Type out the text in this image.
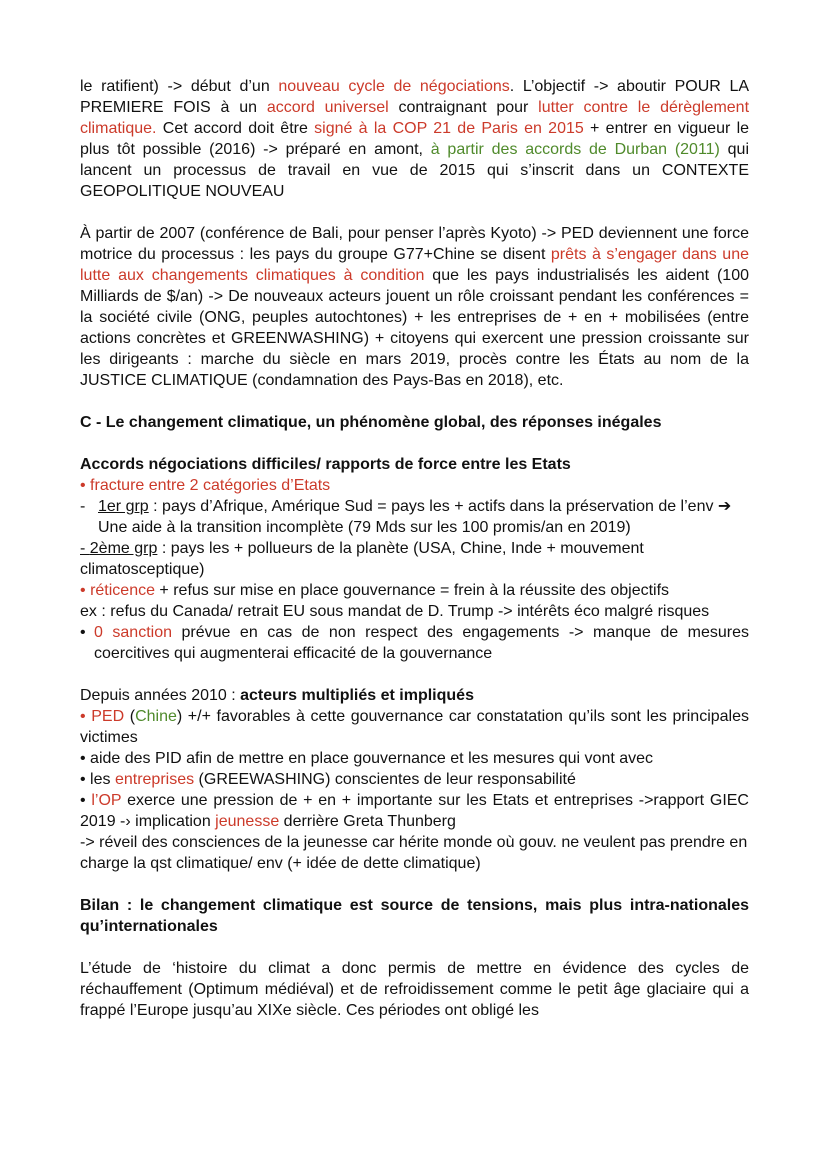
le ratifient) -> début d’un nouveau cycle de négociations. L’objectif -> aboutir POUR LA PREMIERE FOIS à un accord universel contraignant pour lutter contre le dérèglement climatique. Cet accord doit être signé à la COP 21 de Paris en 2015 + entrer en vigueur le plus tôt possible (2016) -> préparé en amont, à partir des accords de Durban (2011) qui lancent un processus de travail en vue de 2015 qui s’inscrit dans un CONTEXTE GEOPOLITIQUE NOUVEAU

À partir de 2007 (conférence de Bali, pour penser l’après Kyoto) -> PED deviennent une force motrice du processus : les pays du groupe G77+Chine se disent prêts à s’engager dans une lutte aux changements climatiques à condition que les pays industrialisés les aident (100 Milliards de $/an) -> De nouveaux acteurs jouent un rôle croissant pendant les conférences = la société civile (ONG, peuples autochtones) + les entreprises de + en + mobilisées (entre actions concrètes et GREENWASHING) + citoyens qui exercent une pression croissante sur les dirigeants : marche du siècle en mars 2019, procès contre les États au nom de la JUSTICE CLIMATIQUE (condamnation des Pays-Bas en 2018), etc.

C - Le changement climatique, un phénomène global, des réponses inégales

Accords négociations difficiles/ rapports de force entre les Etats

• fracture entre 2 catégories d’Etats

- 1er grp : pays d’Afrique, Amérique Sud = pays les + actifs dans la préservation de l’env ➔ Une aide à la transition incomplète (79 Mds sur les 100 promis/an en 2019)

- 2ème grp : pays les + pollueurs de la planète (USA, Chine, Inde + mouvement climatosceptique)

• réticence + refus sur mise en place gouvernance = frein à la réussite des objectifs

ex : refus du Canada/ retrait EU sous mandat de D. Trump -> intérêts éco malgré risques

• 0 sanction prévue en cas de non respect des engagements -> manque de mesures coercitives qui augmenterai efficacité de la gouvernance

Depuis années 2010 : acteurs multipliés et impliqués

• PED (Chine) +/+ favorables à cette gouvernance car constatation qu’ils sont les principales victimes

• aide des PID afin de mettre en place gouvernance et les mesures qui vont avec

• les entreprises (GREEWASHING) conscientes de leur responsabilité

• l’OP exerce une pression de + en + importante sur les Etats et entreprises ->rapport GIEC 2019 -› implication jeunesse derrière Greta Thunberg

-> réveil des consciences de la jeunesse car hérite monde où gouv. ne veulent pas prendre en charge la qst climatique/ env (+ idée de dette climatique)

Bilan : le changement climatique est source de tensions, mais plus intra-nationales qu’internationales

L’étude de ‘histoire du climat a donc permis de mettre en évidence des cycles de réchauffement (Optimum médiéval) et de refroidissement comme le petit âge glaciaire qui a frappé l’Europe jusqu’au XIXe siècle. Ces périodes ont obligé les
